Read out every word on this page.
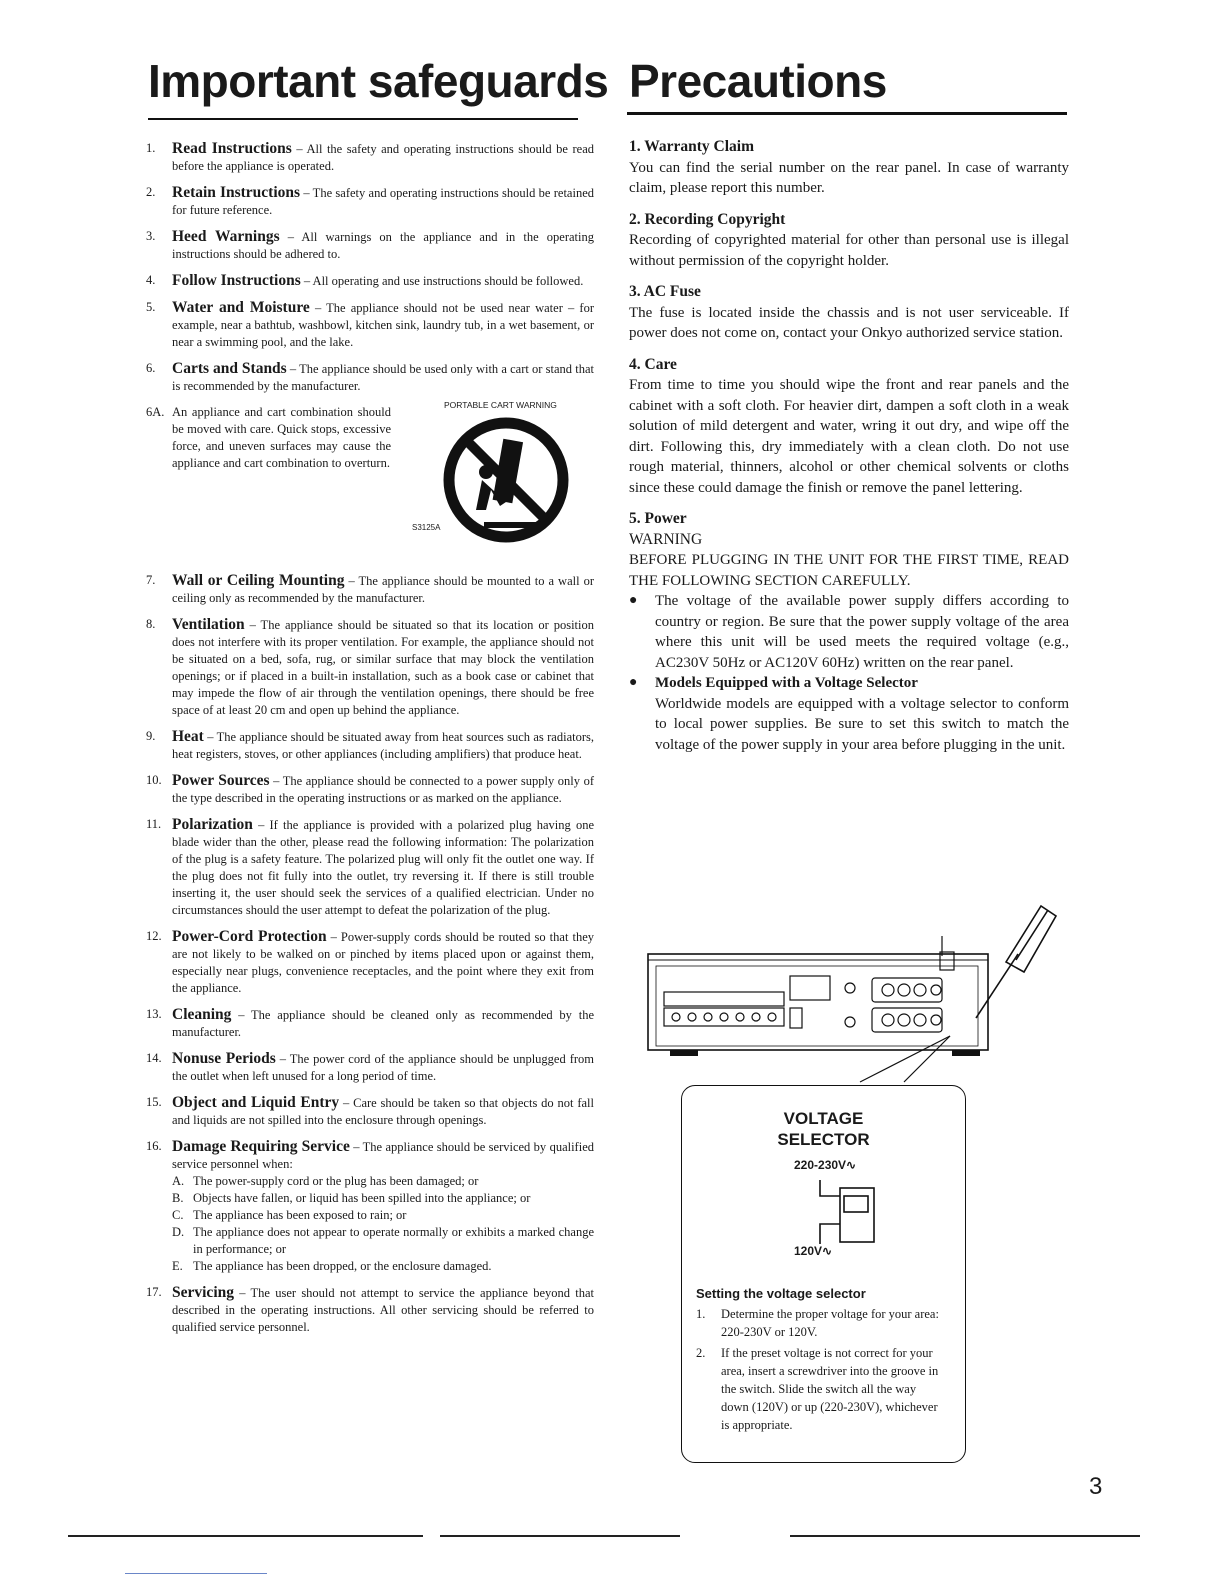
Important safeguards Precautions
1.	Read Instructions – All the safety and operating instructions should be read before the appliance is operated.
2.	Retain Instructions – The safety and operating instructions should be retained for future reference.
3.	Heed Warnings – All warnings on the appliance and in the operating instructions should be adhered to.
4.	Follow Instructions – All operating and use instructions should be followed.
5.	Water and Moisture – The appliance should not be used near water – for example, near a bathtub, washbowl, kitchen sink, laundry tub, in a wet basement, or near a swimming pool, and the lake.
6.	Carts and Stands – The appliance should be used only with a cart or stand that is recommended by the manufacturer.
6A. An appliance and cart combination should be moved with care. Quick stops, excessive force, and uneven surfaces may cause the appliance and cart combination to overturn.
PORTABLE CART WARNING
S3125A
7.	Wall or Ceiling Mounting – The appliance should be mounted to a wall or ceiling only as recommended by the manufacturer.
8.	Ventilation – The appliance should be situated so that its location or position does not interfere with its proper ventilation. For example, the appliance should not be situated on a bed, sofa, rug, or similar surface that may block the ventilation openings; or if placed in a built-in installation, such as a book case or cabinet that may impede the flow of air through the ventilation openings, there should be free space of at least 20 cm and open up behind the appliance.
9.	Heat – The appliance should be situated away from heat sources such as radiators, heat registers, stoves, or other appliances (including amplifiers) that produce heat.
10. Power Sources – The appliance should be connected to a power supply only of the type described in the operating instructions or as marked on the appliance.
11. Polarization – If the appliance is provided with a polarized plug having one blade wider than the other, please read the following information: The polarization of the plug is a safety feature. The polarized plug will only fit the outlet one way. If the plug does not fit fully into the outlet, try reversing it. If there is still trouble inserting it, the user should seek the services of a qualified electrician. Under no circumstances should the user attempt to defeat the polarization of the plug.
12. Power-Cord Protection – Power-supply cords should be routed so that they are not likely to be walked on or pinched by items placed upon or against them, especially near plugs, convenience receptacles, and the point where they exit from the appliance.
13. Cleaning – The appliance should be cleaned only as recommended by the manufacturer.
14. Nonuse Periods – The power cord of the appliance should be unplugged from the outlet when left unused for a long period of time.
15. Object and Liquid Entry – Care should be taken so that objects do not fall and liquids are not spilled into the enclosure through openings.
16. Damage Requiring Service – The appliance should be serviced by qualified service personnel when:
A. The power-supply cord or the plug has been damaged; or
B. Objects have fallen, or liquid has been spilled into the appliance; or
C. The appliance has been exposed to rain; or
D. The appliance does not appear to operate normally or exhibits a marked change in performance; or
E. The appliance has been dropped, or the enclosure damaged.
17. Servicing – The user should not attempt to service the appliance beyond that described in the operating instructions. All other servicing should be referred to qualified service personnel.
1. Warranty Claim
You can find the serial number on the rear panel. In case of warranty claim, please report this number.
2. Recording Copyright
Recording of copyrighted material for other than personal use is illegal without permission of the copyright holder.
3. AC Fuse
The fuse is located inside the chassis and is not user serviceable. If power does not come on, contact your Onkyo authorized service station.
4. Care
From time to time you should wipe the front and rear panels and the cabinet with a soft cloth. For heavier dirt, dampen a soft cloth in a weak solution of mild detergent and water, wring it out dry, and wipe off the dirt. Following this, dry immediately with a clean cloth. Do not use rough material, thinners, alcohol or other chemical solvents or cloths since these could damage the finish or remove the panel lettering.
5. Power
WARNING
BEFORE PLUGGING IN THE UNIT FOR THE FIRST TIME, READ THE FOLLOWING SECTION CAREFULLY.
●	The voltage of the available power supply differs according to country or region. Be sure that the power supply voltage of the area where this unit will be used meets the required voltage (e.g., AC230V 50Hz or AC120V 60Hz) written on the rear panel.
●	Models Equipped with a Voltage Selector
Worldwide models are equipped with a voltage selector to conform to local power supplies. Be sure to set this switch to match the voltage of the power supply in your area before plugging in the unit.
VOLTAGE
SELECTOR
220-230V∿
120V∿
Setting the voltage selector
1.	Determine the proper voltage for your area: 220-230V or 120V.
2.	If the preset voltage is not correct for your area, insert a screwdriver into the groove in the switch. Slide the switch all the way down (120V) or up (220-230V), whichever is appropriate.
3
